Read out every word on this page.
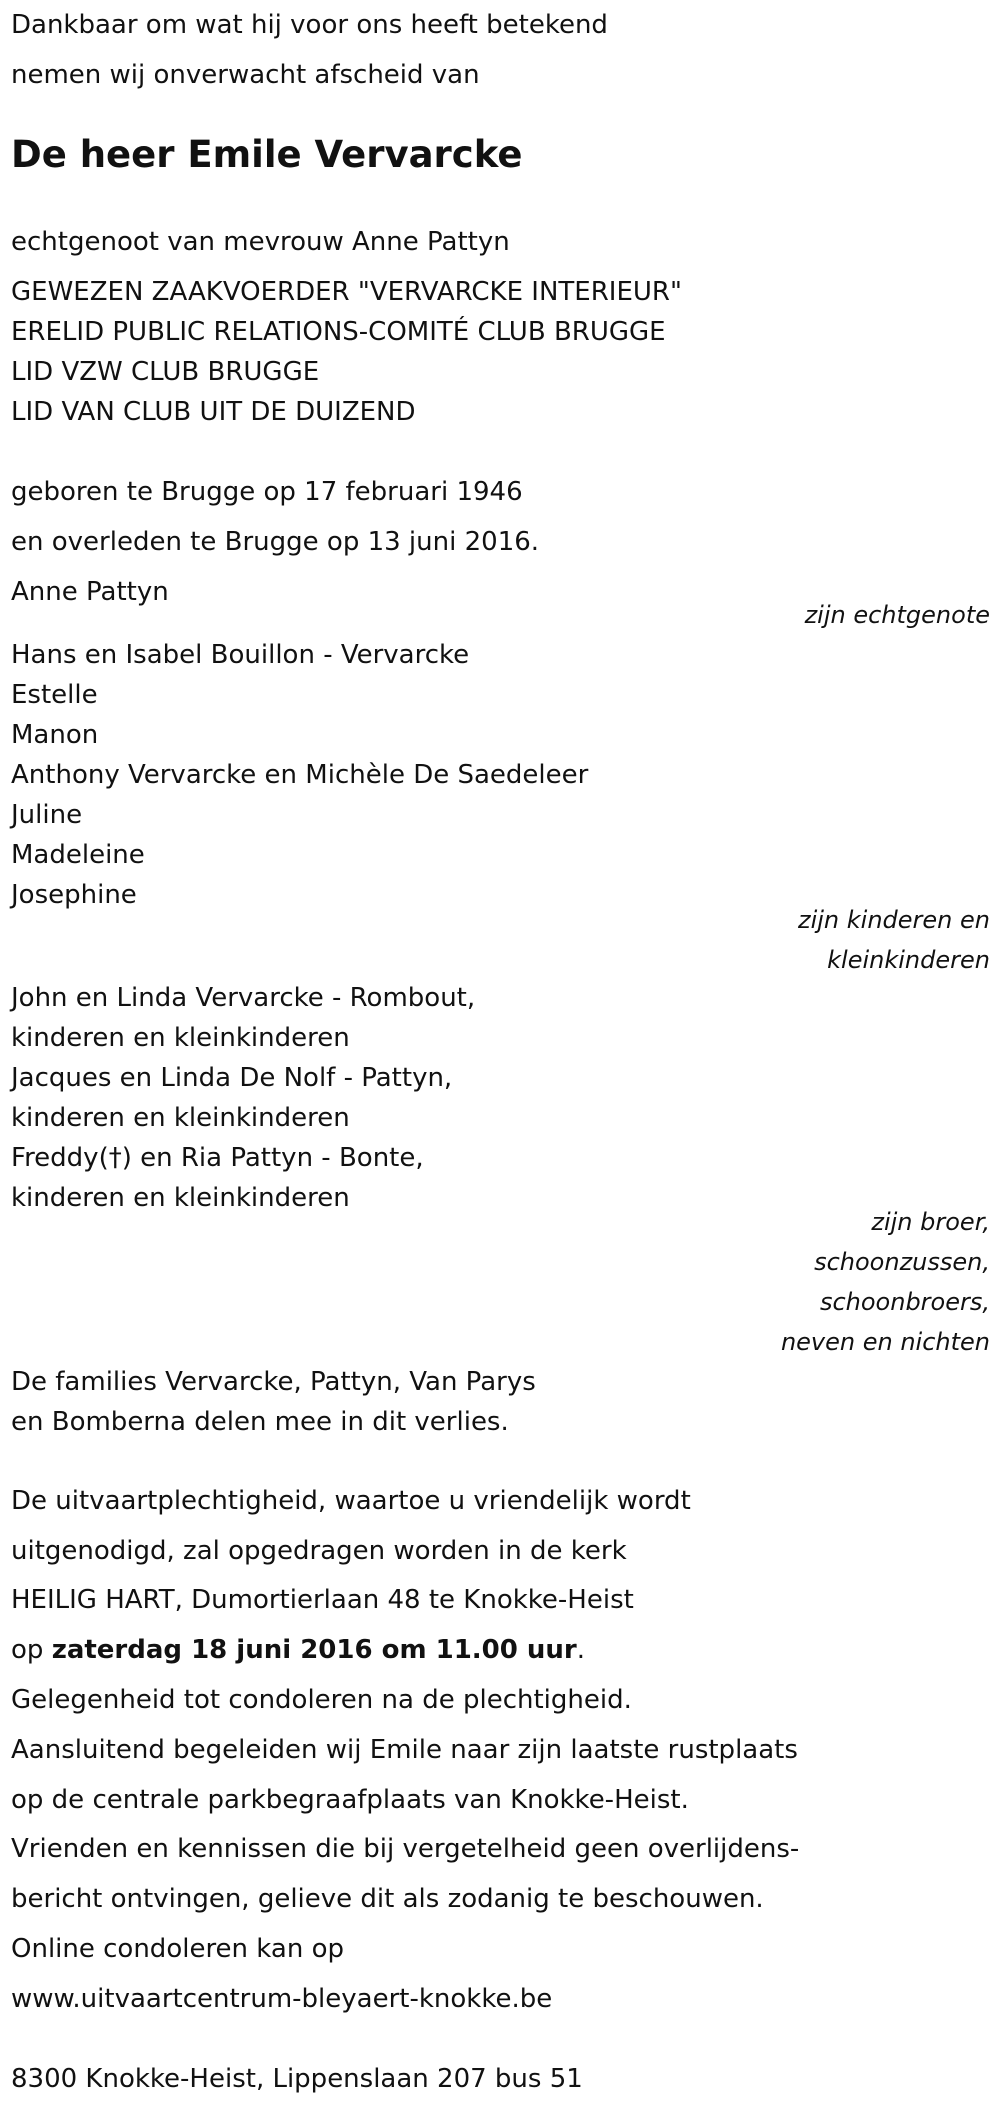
Dankbaar om wat hij voor ons heeft betekend

nemen wij onverwacht afscheid van

De heer Emile Vervarcke

echtgenoot van mevrouw Anne Pattyn

GEWEZEN ZAAKVOERDER "VERVARCKE INTERIEUR"
ERELID PUBLIC RELATIONS-COMITÉ CLUB BRUGGE
LID VZW CLUB BRUGGE
LID VAN CLUB UIT DE DUIZEND

geboren te Brugge op 17 februari 1946

en overleden te Brugge op 13 juni 2016.

Anne Pattyn
zijn echtgenote
Hans en Isabel Bouillon - Vervarcke
Estelle
Manon
Anthony Vervarcke en Michèle De Saedeleer
Juline
Madeleine
Josephine
zijn kinderen en
kleinkinderen
John en Linda Vervarcke - Rombout,
kinderen en kleinkinderen
Jacques en Linda De Nolf - Pattyn,
kinderen en kleinkinderen
Freddy(†) en Ria Pattyn - Bonte,
kinderen en kleinkinderen
zijn broer,
schoonzussen,
schoonbroers,
neven en nichten
De families Vervarcke, Pattyn, Van Parys
en Bomberna delen mee in dit verlies.

De uitvaartplechtigheid, waartoe u vriendelijk wordt

uitgenodigd, zal opgedragen worden in de kerk

HEILIG HART, Dumortierlaan 48 te Knokke-Heist

op zaterdag 18 juni 2016 om 11.00 uur.

Gelegenheid tot condoleren na de plechtigheid.

Aansluitend begeleiden wij Emile naar zijn laatste rustplaats

op de centrale parkbegraafplaats van Knokke-Heist.

Vrienden en kennissen die bij vergetelheid geen overlijdens-

bericht ontvingen, gelieve dit als zodanig te beschouwen.

Online condoleren kan op

www.uitvaartcentrum-bleyaert-knokke.be

8300 Knokke-Heist, Lippenslaan 207 bus 51
